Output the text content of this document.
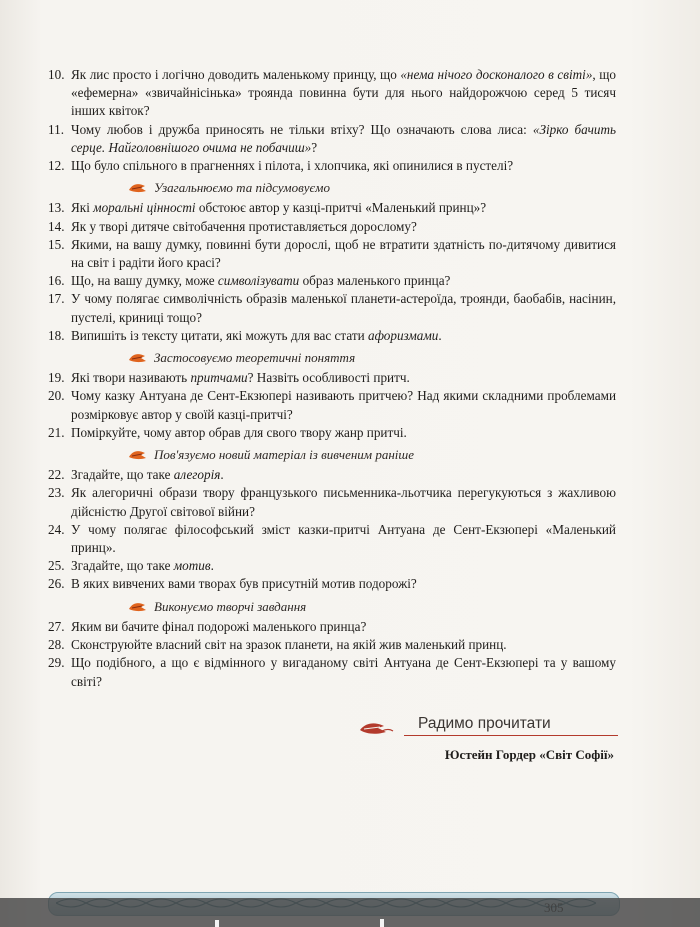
10. Як лис просто і логічно доводить маленькому принцу, що «нема нічого досконалого в світі», що «ефемерна» «звичайнісінька» троянда повинна бути для нього найдорожчою серед 5 тисяч інших квіток?
11. Чому любов і дружба приносять не тільки втіху? Що означають слова лиса: «Зірко бачить серце. Найголовнішого очима не побачиш»?
12. Що було спільного в прагненнях і пілота, і хлопчика, які опинилися в пустелі?
Узагальнюємо та підсумовуємо
13. Які моральні цінності обстоює автор у казці-притчі «Маленький принц»?
14. Як у творі дитяче світобачення протиставляється дорослому?
15. Якими, на вашу думку, повинні бути дорослі, щоб не втратити здатність по-дитячому дивитися на світ і радіти його красі?
16. Що, на вашу думку, може символізувати образ маленького принца?
17. У чому полягає символічність образів маленької планети-астероїда, троянди, баобабів, насінин, пустелі, криниці тощо?
18. Випишіть із тексту цитати, які можуть для вас стати афоризмами.
Застосовуємо теоретичні поняття
19. Які твори називають притчами? Назвіть особливості притч.
20. Чому казку Антуана де Сент-Екзюпері називають притчею? Над якими складними проблемами розмірковує автор у своїй казці-притчі?
21. Поміркуйте, чому автор обрав для свого твору жанр притчі.
Пов'язуємо новий матеріал із вивченим раніше
22. Згадайте, що таке алегорія.
23. Як алегоричні образи твору французького письменника-льотчика перегукуються з жахливою дійсністю Другої світової війни?
24. У чому полягає філософський зміст казки-притчі Антуана де Сент-Екзюпері «Маленький принц».
25. Згадайте, що таке мотив.
26. В яких вивчених вами творах був присутній мотив подорожі?
Виконуємо творчі завдання
27. Яким ви бачите фінал подорожі маленького принца?
28. Сконструюйте власний світ на зразок планети, на якій жив маленький принц.
29. Що подібного, а що є відмінного у вигаданому світі Антуана де Сент-Екзюпері та у вашому світі?
Радимо прочитати
Юстейн Гордер «Світ Софії»
